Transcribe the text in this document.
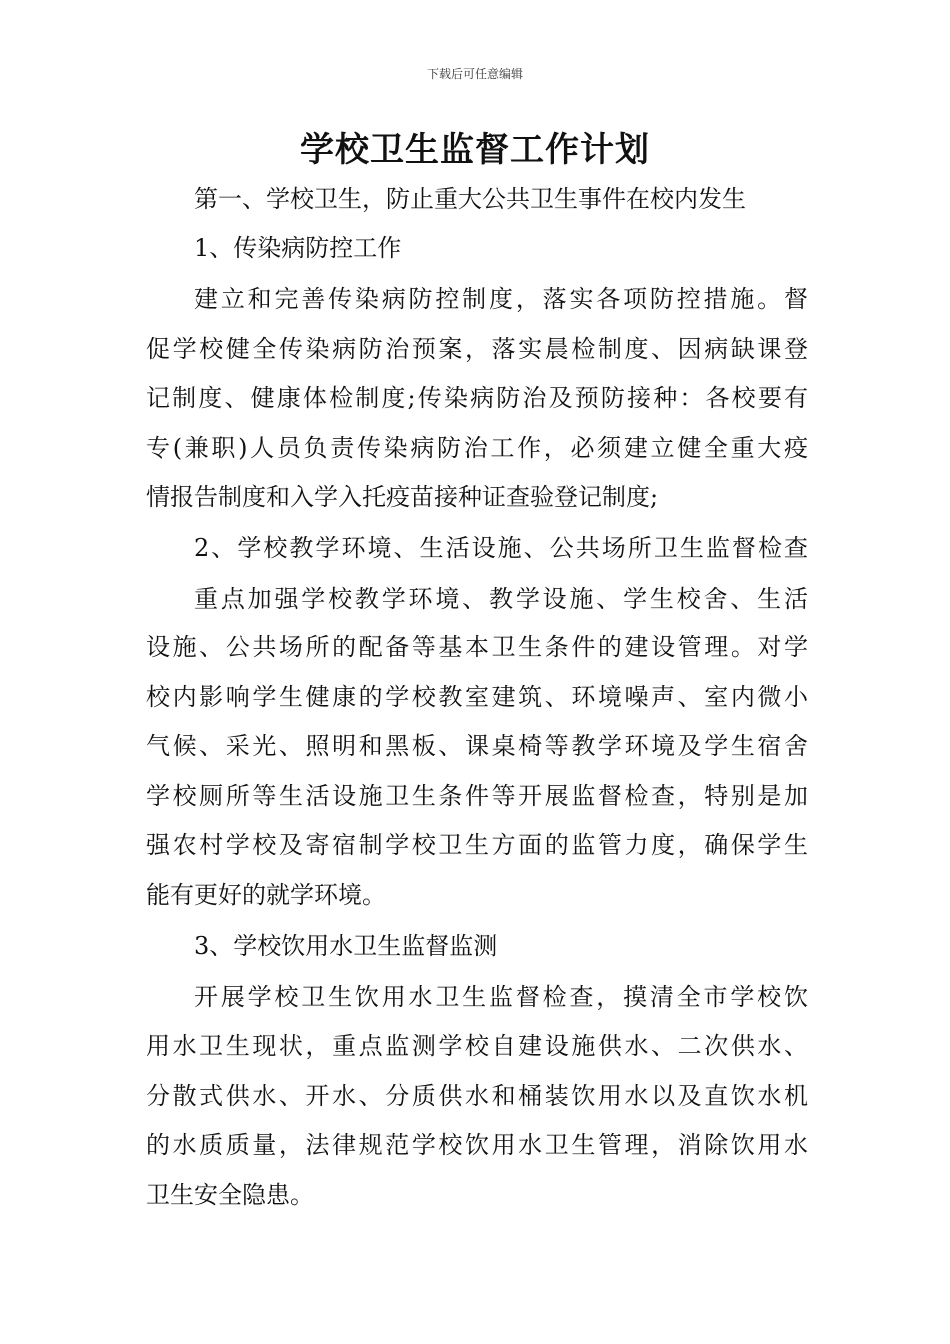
下载后可任意编辑
学校卫生监督工作计划
第一、学校卫生，防止重大公共卫生事件在校内发生
1、传染病防控工作
建立和完善传染病防控制度，落实各项防控措施。督
促学校健全传染病防治预案，落实晨检制度、因病缺课登
记制度、健康体检制度;传染病防治及预防接种：各校要有
专(兼职)人员负责传染病防治工作，必须建立健全重大疫
情报告制度和入学入托疫苗接种证查验登记制度;
2、学校教学环境、生活设施、公共场所卫生监督检查
重点加强学校教学环境、教学设施、学生校舍、生活
设施、公共场所的配备等基本卫生条件的建设管理。对学
校内影响学生健康的学校教室建筑、环境噪声、室内微小
气候、采光、照明和黑板、课桌椅等教学环境及学生宿舍
学校厕所等生活设施卫生条件等开展监督检查，特别是加
强农村学校及寄宿制学校卫生方面的监管力度，确保学生
能有更好的就学环境。
3、学校饮用水卫生监督监测
开展学校卫生饮用水卫生监督检查，摸清全市学校饮
用水卫生现状，重点监测学校自建设施供水、二次供水、
分散式供水、开水、分质供水和桶装饮用水以及直饮水机
的水质质量，法律规范学校饮用水卫生管理，消除饮用水
卫生安全隐患。
